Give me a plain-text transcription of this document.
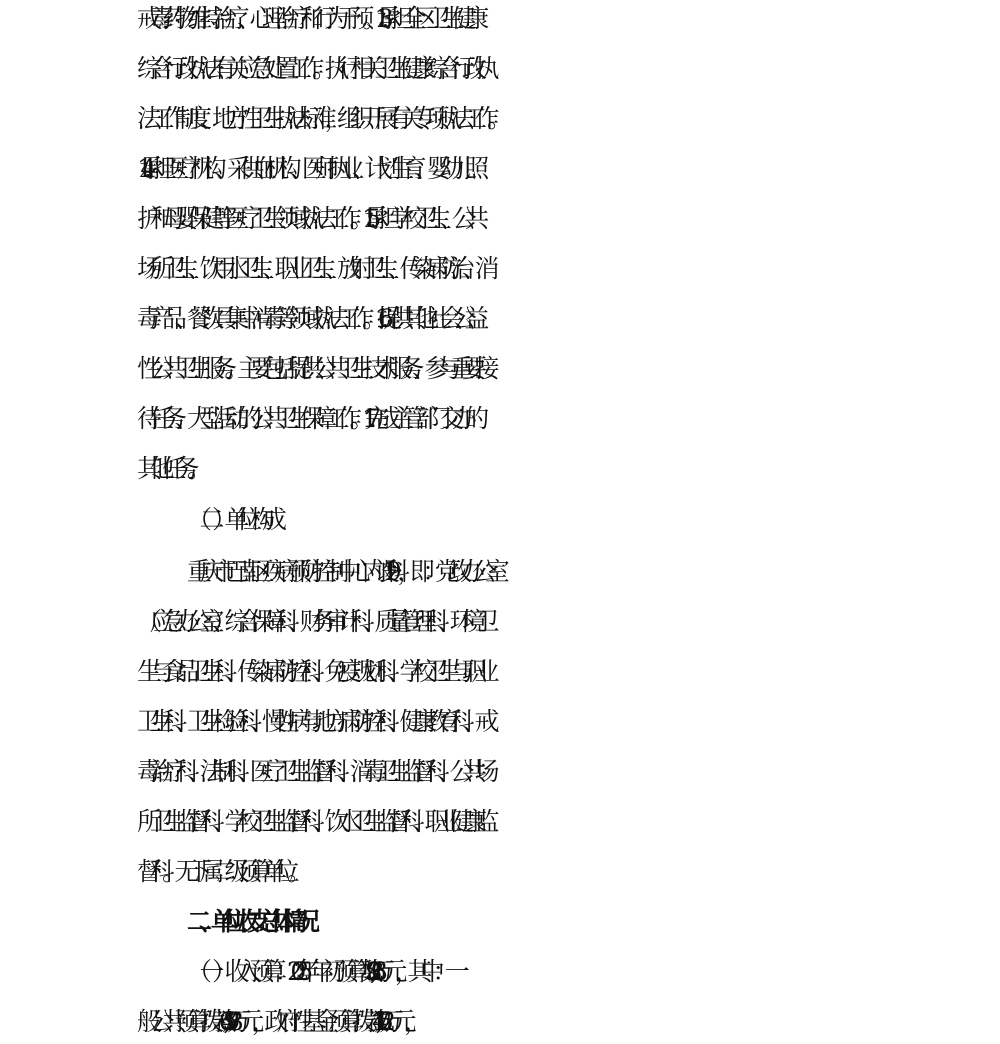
戒毒药物维持治疗、心理治疗和行为干预。13.承担全区卫生健康
综合行政执法有关应急处置工作。执行相关卫生健康综合行政执
法工作制度、地方性卫生执法标准，组织开展有关专项执法工作。
14.承担医疗机构、采供血机构、医师执业、计划生育、婴幼儿照
护和母婴保健等医疗卫生领域执法工作。15.承担学校卫生、公共
场所卫生、饮用水卫生、职业卫生、放射卫生、传染病防治、消
毒产品、餐饮具集中消毒等领域执法工作。16.提供其他社会公益
性公共卫生服务。主要包括提供公共卫生技术服务、参与重要接
待任务、大型活动的公共卫生保障工作。17.完成主管部门交办的
其他任务。
（二）单位构成
重庆市巴南区疾病预防控制中心内设 19 科，即：党政办公室
（应急办公室）、综合保障科、财务审计科、质量管理科、环境卫
生与食品卫生科、传染病防控科、免疫规划科、学校卫生与职业
卫生科、卫生检验科、慢性病与地方病防控科、健康教育科、戒
毒治疗科、法制科、医疗卫生监督科、消毒卫生监督科、公共场
所卫生监督科、学校卫生监督科、饮水卫生监督科、职业健康监
督科。无下属二级预算单位。
二、单位收支总体情况
（一）收入预算：2025 年年初预算数 8,923.6 万元，其中：一
般公共预算拨款 4,657.98 万元，政府性基金预算拨款 4,175.62 万元，
